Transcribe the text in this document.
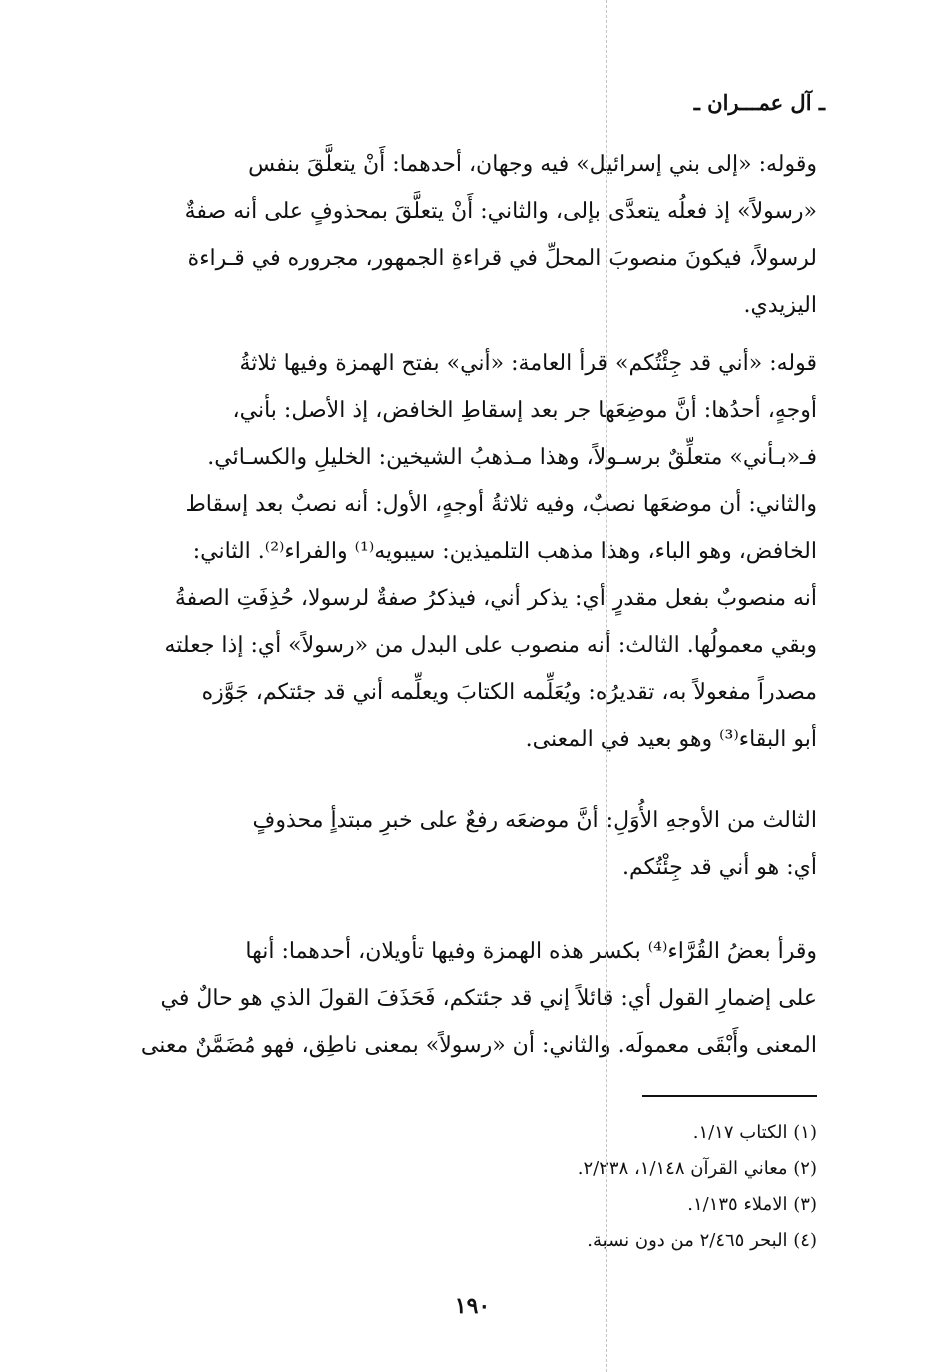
ـ آل عمـــران ـ

وقوله: «إلى بني إسرائيل» فيه وجهان، أحدهما: أَنْ يتعلَّقَ بنفس

«رسولاً» إذ فعلُه يتعدَّى بإلى، والثاني: أَنْ يتعلَّقَ بمحذوفٍ على أنه صفةٌ

لرسولاً، فيكونَ منصوبَ المحلِّ في قراءةِ الجمهور، مجروره في قـراءة

اليزيدي.

قوله: «أني قد جِئْتُكم» قرأ العامة: «أني» بفتح الهمزة وفيها ثلاثةُ

أوجهٍ، أحدُها: أنَّ موضِعَها جر بعد إسقاطِ الخافض، إذ الأصل: بأني،

فـ«بـأني» متعلِّقٌ برسـولاً، وهذا مـذهبُ الشيخين: الخليلِ والكسـائي.

والثاني: أن موضعَها نصبٌ، وفيه ثلاثةُ أوجهٍ، الأول: أنه نصبٌ بعد إسقاط

الخافض، وهو الباء، وهذا مذهب التلميذين: سيبويه⁽¹⁾ والفراء⁽²⁾. الثاني:

أنه منصوبٌ بفعل مقدرٍ أي: يذكر أني، فيذكرُ صفةٌ لرسولا، حُذِفَتِ الصفةُ

وبقي معمولُها. الثالث: أنه منصوب على البدل من «رسولاً» أي: إذا جعلته

مصدراً مفعولاً به، تقديرُه: ويُعَلِّمه الكتابَ ويعلِّمه أني قد جئتكم، جَوَّزه

أبو البقاء⁽³⁾ وهو بعيد في المعنى.

الثالث من الأوجهِ الأُوَلِ: أنَّ موضعَه رفعٌ على خبرِ مبتدأٍ محذوفٍ

أي: هو أني قد جِئْتُكم.

وقرأ بعضُ القُرَّاء⁽⁴⁾ بكسر هذه الهمزة وفيها تأويلان، أحدهما: أنها

على إضمارِ القول أي: قائلاً إني قد جئتكم، فَحَذَفَ القولَ الذي هو حالٌ في

المعنى وأَبْقَى معمولَه. والثاني: أن «رسولاً» بمعنى ناطِق، فهو مُضَمَّنٌ معنى

(١) الكتاب ١/١٧.
(٢) معاني القرآن ١/١٤٨، ٢/٢٣٨.
(٣) الاملاء ١/١٣٥.
(٤) البحر ٢/٤٦٥ من دون نسبة.
١٩٠
